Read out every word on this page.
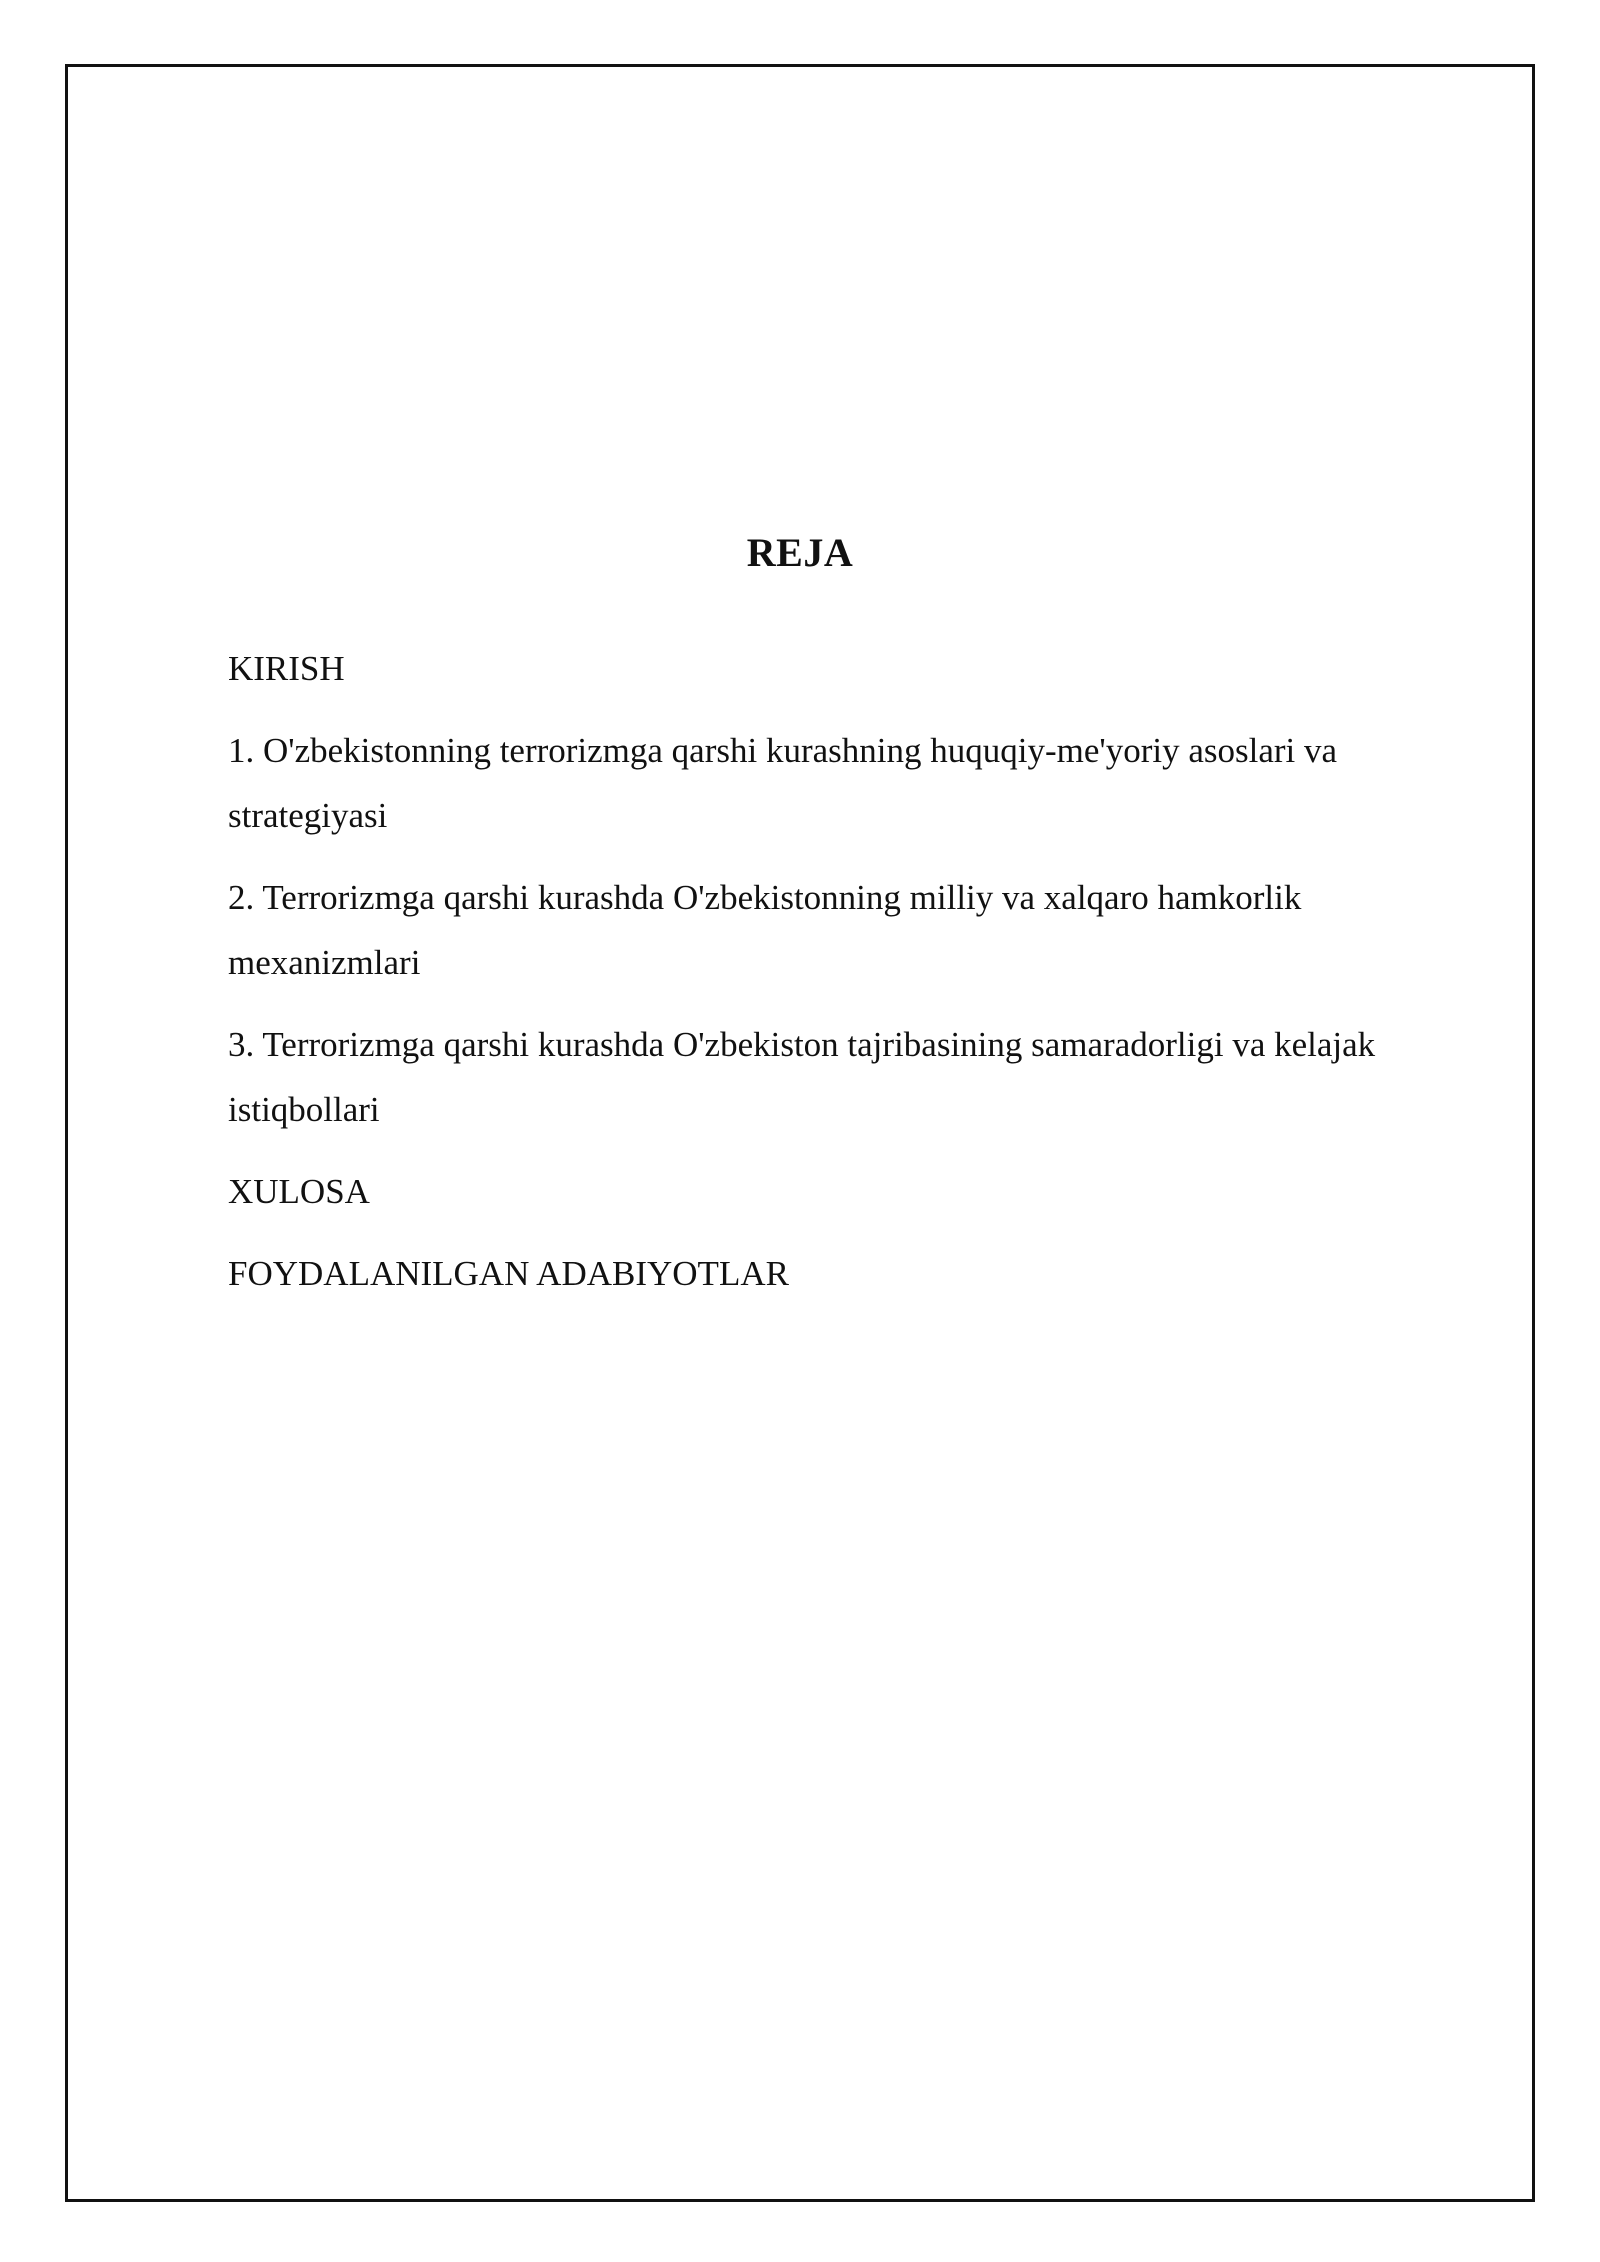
REJA
KIRISH
1. O'zbekistonning terrorizmga qarshi kurashning huquqiy-me'yoriy asoslari va strategiyasi
2. Terrorizmga qarshi kurashda O'zbekistonning milliy va xalqaro hamkorlik mexanizmlari
3. Terrorizmga qarshi kurashda O'zbekiston tajribasining samaradorligi va kelajak istiqbollari
XULOSA
FOYDALANILGAN ADABIYOTLAR
